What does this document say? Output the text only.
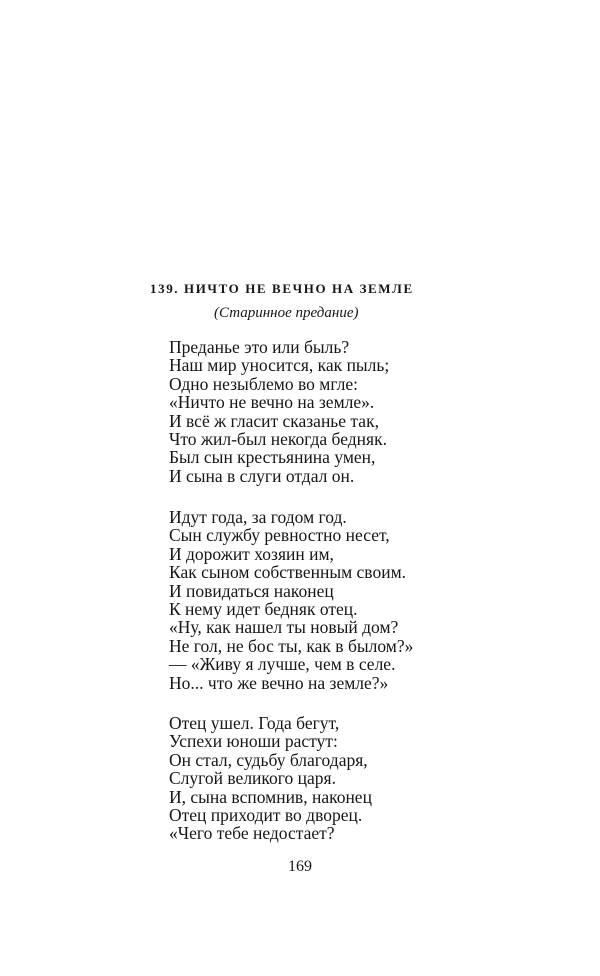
139. НИЧТО НЕ ВЕЧНО НА ЗЕМЛЕ
(Старинное предание)

Преданье это или быль?
Наш мир уносится, как пыль;
Одно незыблемо во мгле:
«Ничто не вечно на земле».
И всё ж гласит сказанье так,
Что жил-был некогда бедняк.
Был сын крестьянина умен,
И сына в слуги отдал он.

Идут года, за годом год.
Сын службу ревностно несет,
И дорожит хозяин им,
Как сыном собственным своим.
И повидаться наконец
К нему идет бедняк отец.
«Ну, как нашел ты новый дом?
Не гол, не бос ты, как в былом?»
— «Живу я лучше, чем в селе.
Но... что же вечно на земле?»

Отец ушел. Года бегут,
Успехи юноши растут:
Он стал, судьбу благодаря,
Слугой великого царя.
И, сына вспомнив, наконец
Отец приходит во дворец.
«Чего тебе недостает?

169
